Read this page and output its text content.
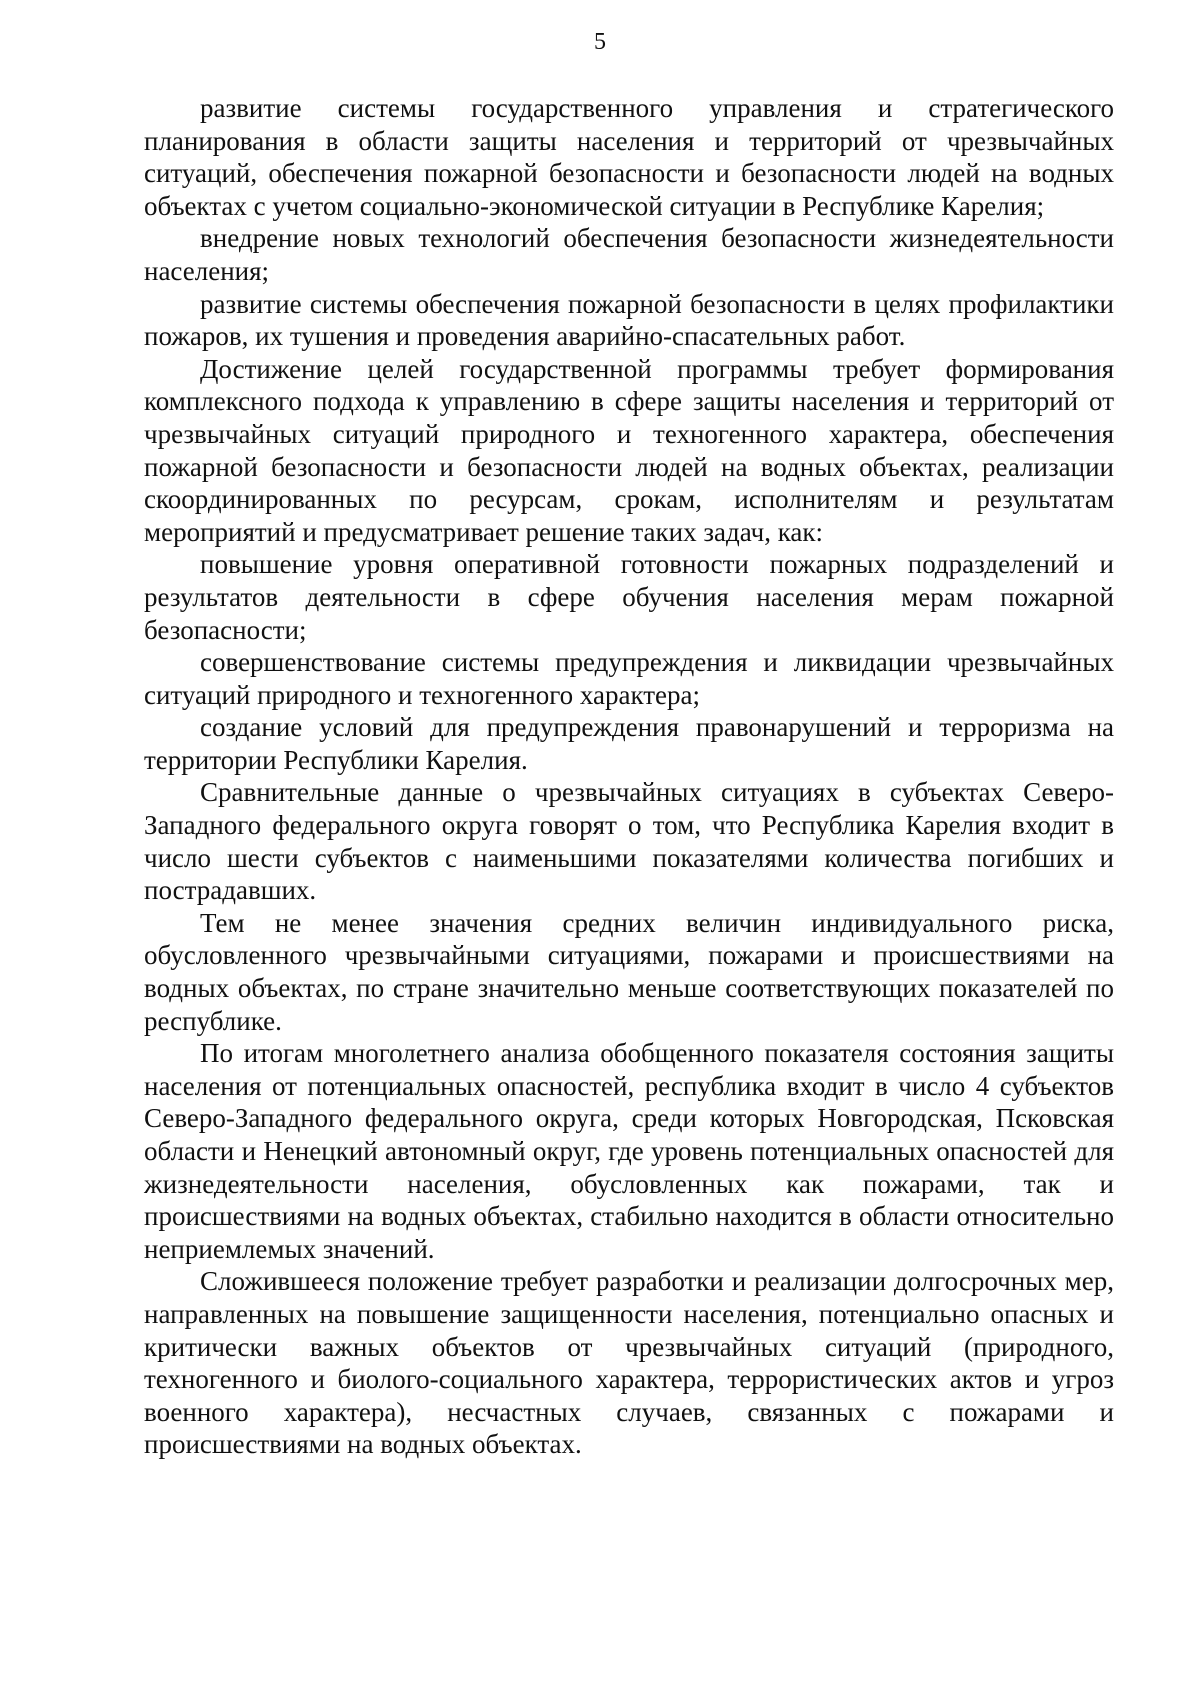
5

развитие системы государственного управления и стратегического планирования в области защиты населения и территорий от чрезвычайных ситуаций, обеспечения пожарной безопасности и безопасности людей на водных объектах с учетом социально-экономической ситуации в Республике Карелия;

внедрение новых технологий обеспечения безопасности жизнедеятельности населения;

развитие системы обеспечения пожарной безопасности в целях профилактики пожаров, их тушения и проведения аварийно-спасательных работ.

Достижение целей государственной программы требует формирования комплексного подхода к управлению в сфере защиты населения и территорий от чрезвычайных ситуаций природного и техногенного характера, обеспечения пожарной безопасности и безопасности людей на водных объектах, реализации скоординированных по ресурсам, срокам, исполнителям и результатам мероприятий и предусматривает решение таких задач, как:

повышение уровня оперативной готовности пожарных подразделений и результатов деятельности в сфере обучения населения мерам пожарной безопасности;

совершенствование системы предупреждения и ликвидации чрезвычайных ситуаций природного и техногенного характера;

создание условий для предупреждения правонарушений и терроризма на территории Республики Карелия.

Сравнительные данные о чрезвычайных ситуациях в субъектах Северо-Западного федерального округа говорят о том, что Республика Карелия входит в число шести субъектов с наименьшими показателями количества погибших и пострадавших.

Тем не менее значения средних величин индивидуального риска, обусловленного чрезвычайными ситуациями, пожарами и происшествиями на водных объектах, по стране значительно меньше соответствующих показателей по республике.

По итогам многолетнего анализа обобщенного показателя состояния защиты населения от потенциальных опасностей, республика входит в число 4 субъектов Северо-Западного федерального округа, среди которых Новгородская, Псковская области и Ненецкий автономный округ, где уровень потенциальных опасностей для жизнедеятельности населения, обусловленных как пожарами, так и происшествиями на водных объектах, стабильно находится в области относительно неприемлемых значений.

Сложившееся положение требует разработки и реализации долгосрочных мер, направленных на повышение защищенности населения, потенциально опасных и критически важных объектов от чрезвычайных ситуаций (природного, техногенного и биолого-социального характера, террористических актов и угроз военного характера), несчастных случаев, связанных с пожарами и происшествиями на водных объектах.
